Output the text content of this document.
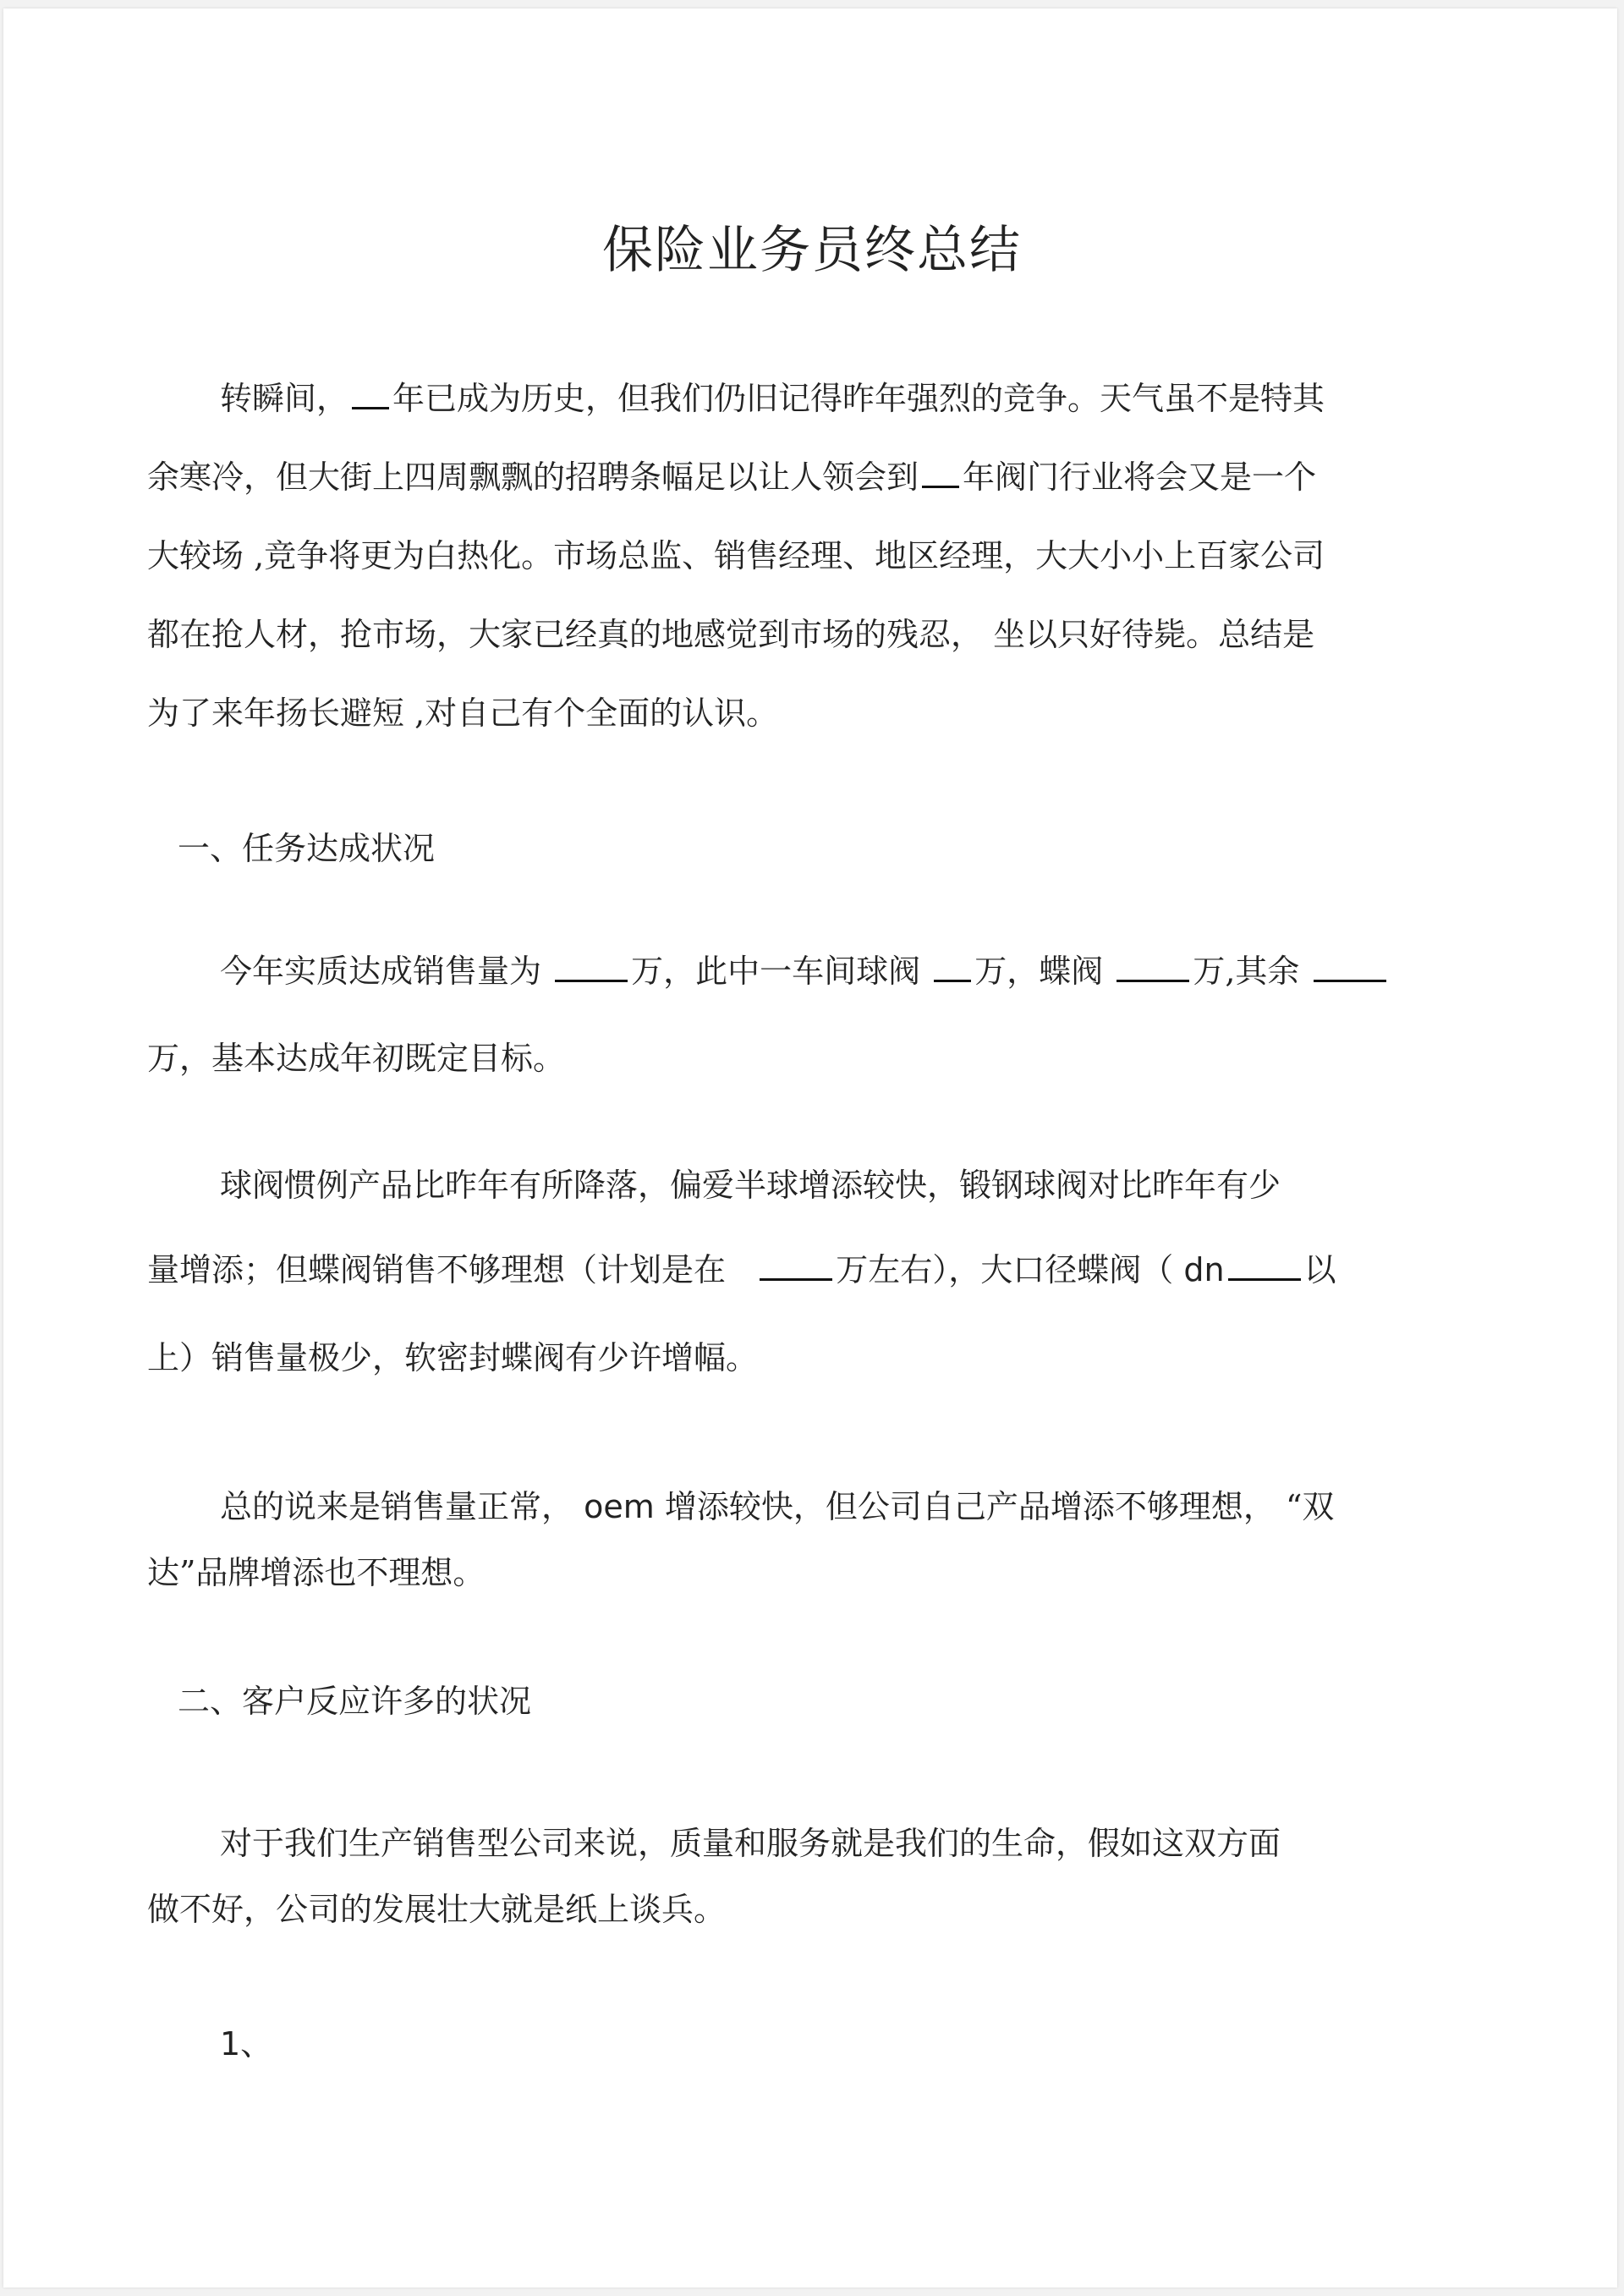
保险业务员终总结
转瞬间， 年已成为历史，但我们仍旧记得昨年强烈的竞争。天气虽不是特其
余寒冷，但大街上四周飘飘的招聘条幅足以让人领会到 年阀门行业将会又是一个
大较场 ,竞争将更为白热化。市场总监、销售经理、地区经理，大大小小上百家公司
都在抢人材，抢市场，大家已经真的地感觉到市场的残忍， 坐以只好待毙。总结是
为了来年扬长避短 ,对自己有个全面的认识。
一、任务达成状况
今年实质达成销售量为	万，此中一车间球阀 万，蝶阀	万,其余
万，基本达成年初既定目标。
球阀惯例产品比昨年有所降落，偏爱半球增添较快，锻钢球阀对比昨年有少
量增添；但蝶阀销售不够理想（计划是在	万左右），大口径蝶阀（ dn 以
上）销售量极少，软密封蝶阀有少许增幅。
总的说来是销售量正常， oem 增添较快，但公司自己产品增添不够理想， “双
达”品牌增添也不理想。
二、客户反应许多的状况
对于我们生产销售型公司来说，质量和服务就是我们的生命，假如这双方面
做不好，公司的发展壮大就是纸上谈兵。
1、
